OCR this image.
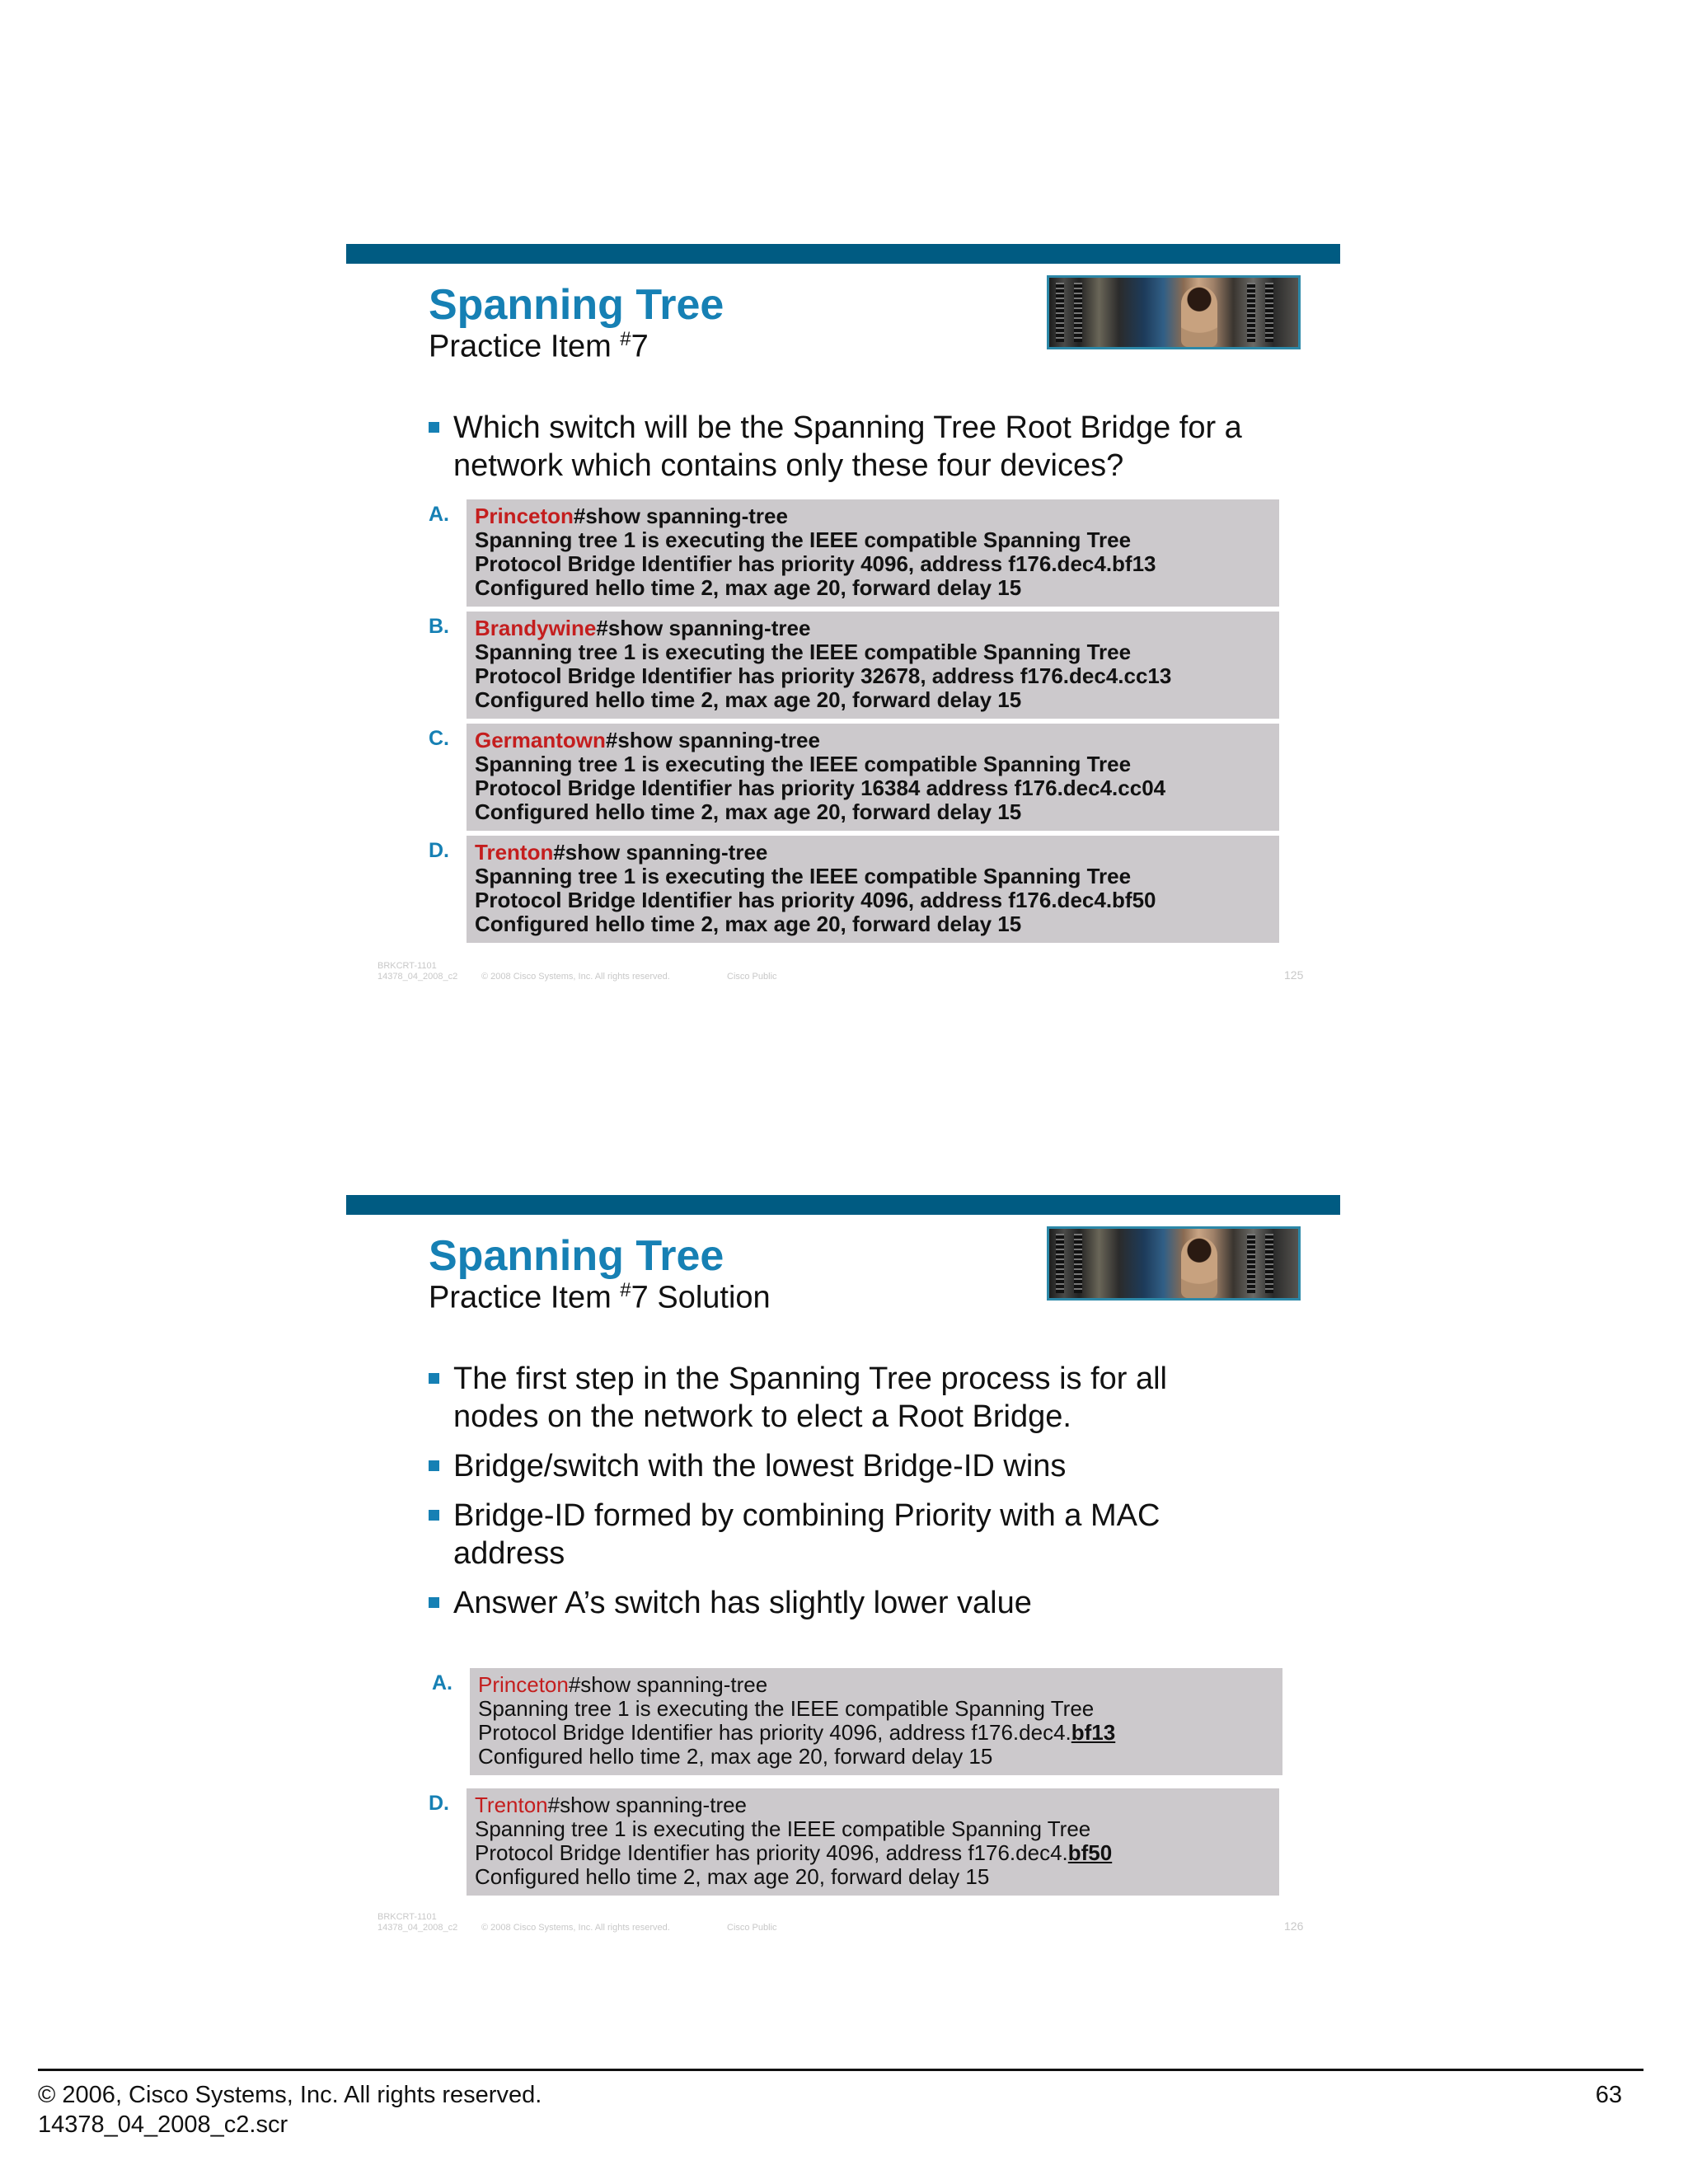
Spanning Tree
Practice Item #7
Which switch will be the Spanning Tree Root Bridge for a network which contains only these four devices?
A. Princeton#show spanning-tree
Spanning tree 1 is executing the IEEE compatible Spanning Tree
Protocol Bridge Identifier has priority 4096, address f176.dec4.bf13
Configured hello time 2, max age 20, forward delay 15
B. Brandywine#show spanning-tree
Spanning tree 1 is executing the IEEE compatible Spanning Tree
Protocol Bridge Identifier has priority 32678, address f176.dec4.cc13
Configured hello time 2, max age 20, forward delay 15
C. Germantown#show spanning-tree
Spanning tree 1 is executing the IEEE compatible Spanning Tree
Protocol Bridge Identifier has priority 16384 address f176.dec4.cc04
Configured hello time 2, max age 20, forward delay 15
D. Trenton#show spanning-tree
Spanning tree 1 is executing the IEEE compatible Spanning Tree
Protocol Bridge Identifier has priority 4096, address f176.dec4.bf50
Configured hello time 2, max age 20, forward delay 15
BRKCRT-1101
14378_04_2008_c2	© 2008 Cisco Systems, Inc. All rights reserved.	Cisco Public	125
Spanning Tree
Practice Item #7 Solution
The first step in the Spanning Tree process is for all nodes on the network to elect a Root Bridge.
Bridge/switch with the lowest Bridge-ID wins
Bridge-ID formed by combining Priority with a MAC address
Answer A’s switch has slightly lower value
A. Princeton#show spanning-tree
Spanning tree 1 is executing the IEEE compatible Spanning Tree
Protocol Bridge Identifier has priority 4096, address f176.dec4.bf13
Configured hello time 2, max age 20, forward delay 15
D. Trenton#show spanning-tree
Spanning tree 1 is executing the IEEE compatible Spanning Tree
Protocol Bridge Identifier has priority 4096, address f176.dec4.bf50
Configured hello time 2, max age 20, forward delay 15
BRKCRT-1101
14378_04_2008_c2	© 2008 Cisco Systems, Inc. All rights reserved.	Cisco Public	126
© 2006, Cisco Systems, Inc. All rights reserved.
14378_04_2008_c2.scr
63
